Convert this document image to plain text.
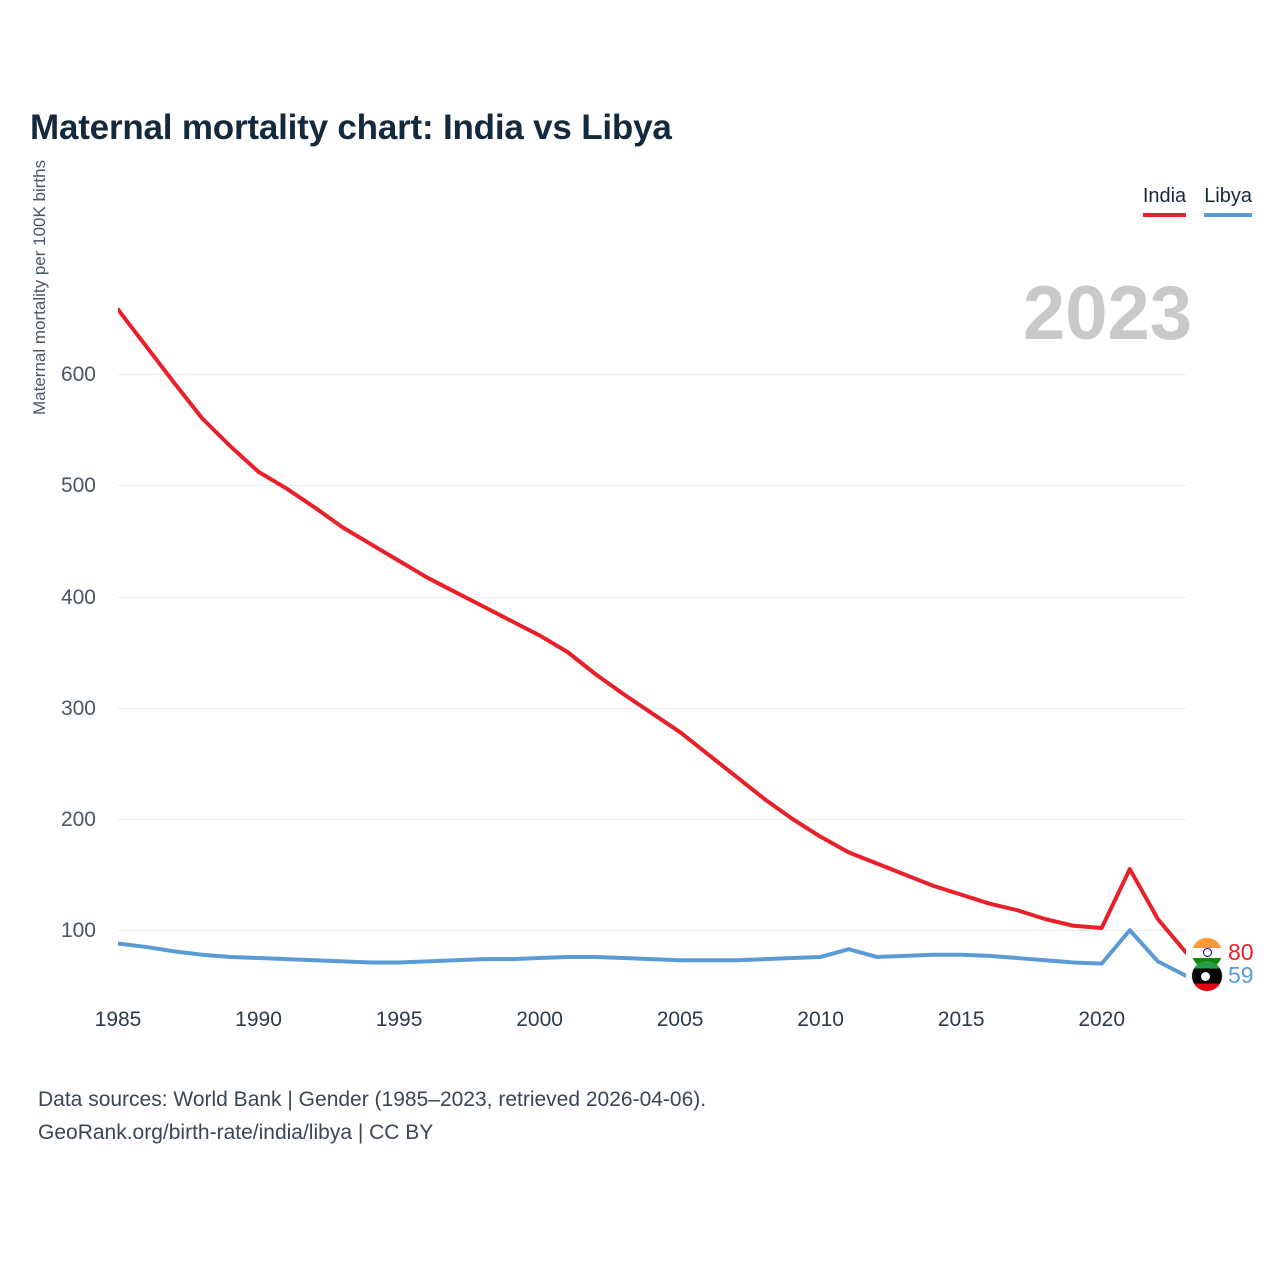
Maternal mortality chart: India vs Libya
India Libya
2023
Maternal mortality per 100K births
100
200
300
400
500
600
1985	1990	1995	2000	2005	2010	2015	2020
80
59
Data sources: World Bank | Gender (1985–2023, retrieved 2026-04-06).
GeoRank.org/birth-rate/india/libya | CC BY
